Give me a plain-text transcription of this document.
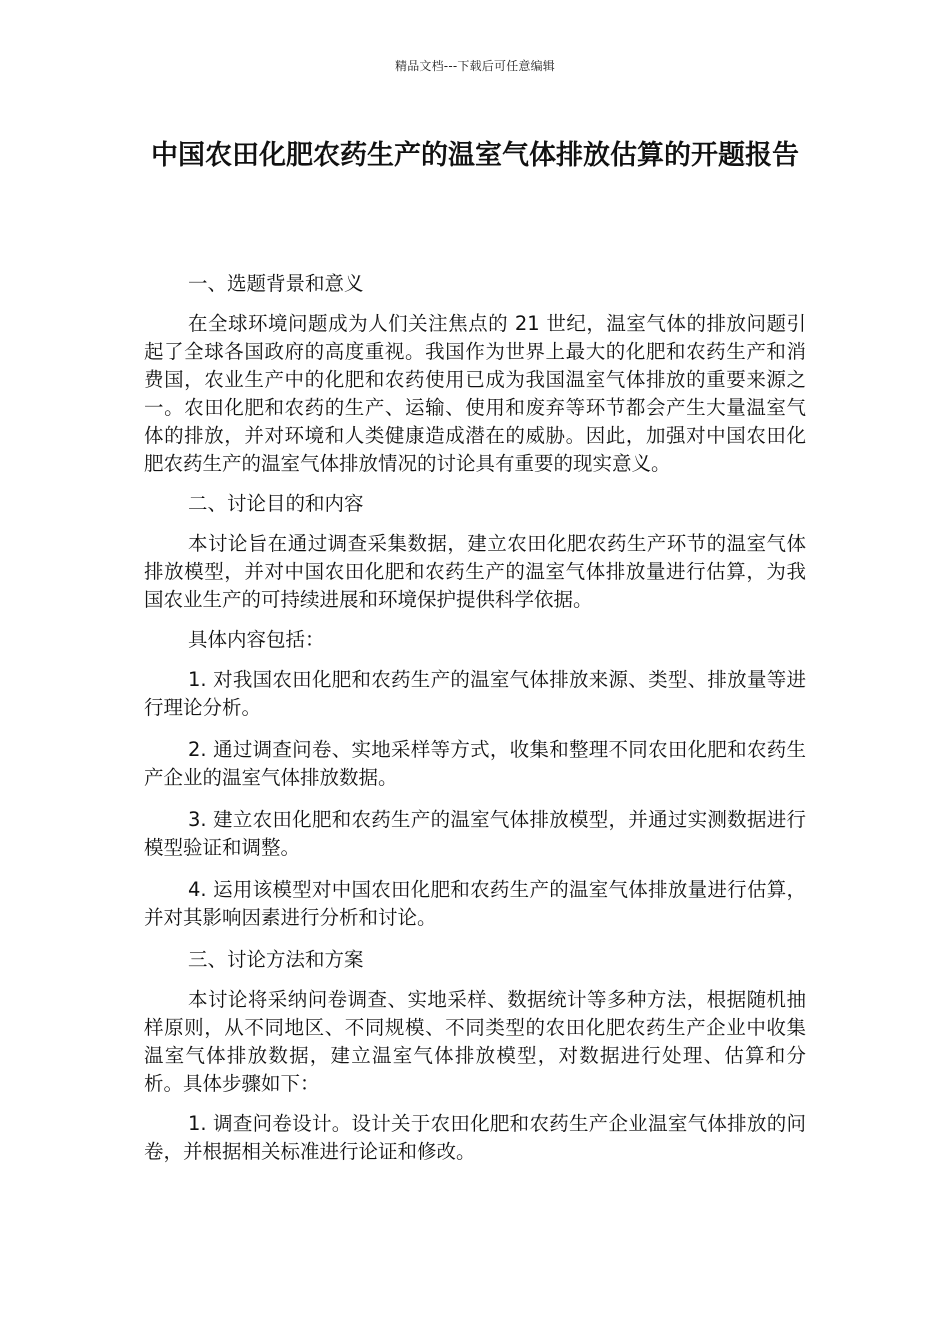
精品文档---下载后可任意编辑
中国农田化肥农药生产的温室气体排放估算的开题报告

一、选题背景和意义

在全球环境问题成为人们关注焦点的 21 世纪，温室气体的排放问题引起了全球各国政府的高度重视。我国作为世界上最大的化肥和农药生产和消费国，农业生产中的化肥和农药使用已成为我国温室气体排放的重要来源之一。农田化肥和农药的生产、运输、使用和废弃等环节都会产生大量温室气体的排放，并对环境和人类健康造成潜在的威胁。因此，加强对中国农田化肥农药生产的温室气体排放情况的讨论具有重要的现实意义。

二、讨论目的和内容

本讨论旨在通过调查采集数据，建立农田化肥农药生产环节的温室气体排放模型，并对中国农田化肥和农药生产的温室气体排放量进行估算，为我国农业生产的可持续进展和环境保护提供科学依据。

具体内容包括：

1. 对我国农田化肥和农药生产的温室气体排放来源、类型、排放量等进行理论分析。

2. 通过调查问卷、实地采样等方式，收集和整理不同农田化肥和农药生产企业的温室气体排放数据。

3. 建立农田化肥和农药生产的温室气体排放模型，并通过实测数据进行模型验证和调整。

4. 运用该模型对中国农田化肥和农药生产的温室气体排放量进行估算，并对其影响因素进行分析和讨论。

三、讨论方法和方案

本讨论将采纳问卷调查、实地采样、数据统计等多种方法，根据随机抽样原则，从不同地区、不同规模、不同类型的农田化肥农药生产企业中收集温室气体排放数据，建立温室气体排放模型，对数据进行处理、估算和分析。具体步骤如下：

1. 调查问卷设计。设计关于农田化肥和农药生产企业温室气体排放的问卷，并根据相关标准进行论证和修改。
